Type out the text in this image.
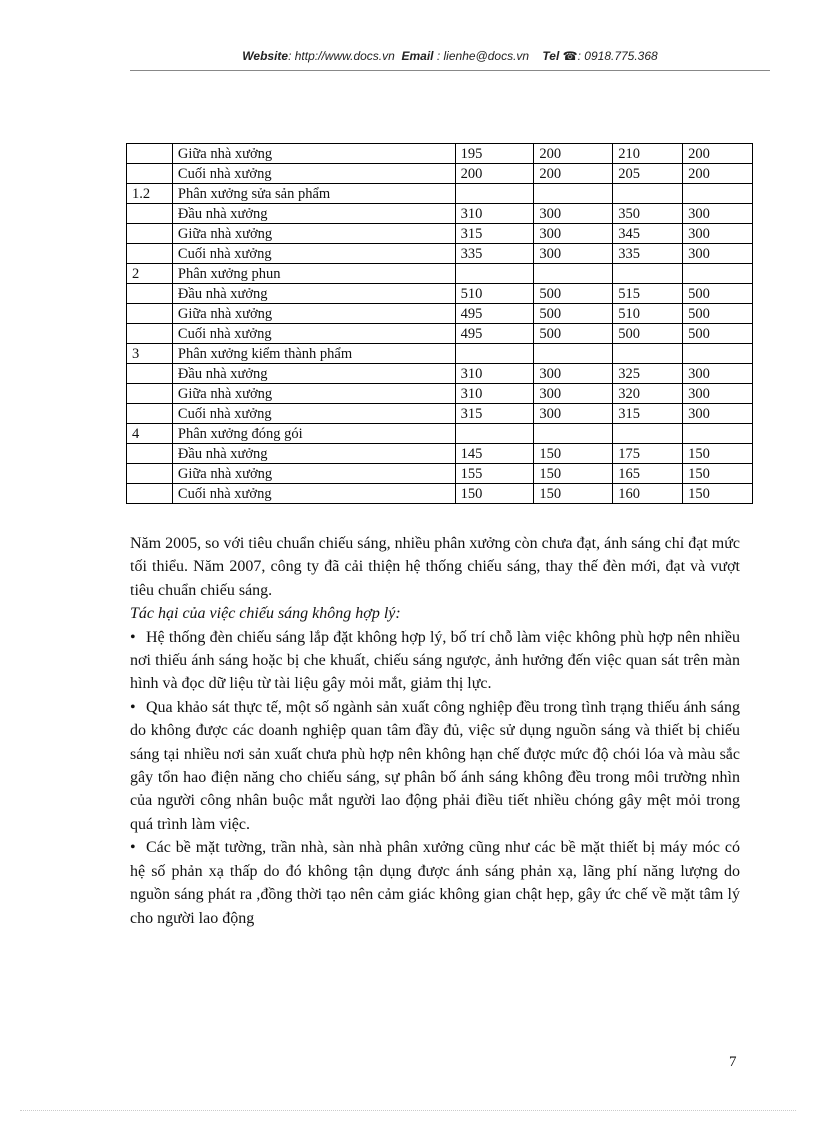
Website: http://www.docs.vn Email : lienhe@docs.vn Tel ☎: 0918.775.368
	Giữa nhà xưởng	195	200	210	200
	Cuối nhà xưởng	200	200	205	200
1.2	Phân xưởng sửa sản phẩm				
	Đầu nhà xưởng	310	300	350	300
	Giữa nhà xưởng	315	300	345	300
	Cuối nhà xưởng	335	300	335	300
2	Phân xưởng phun				
	Đầu nhà xưởng	510	500	515	500
	Giữa nhà xưởng	495	500	510	500
	Cuối nhà xưởng	495	500	500	500
3	Phân xưởng kiểm thành phẩm				
	Đầu nhà xưởng	310	300	325	300
	Giữa nhà xưởng	310	300	320	300
	Cuối nhà xưởng	315	300	315	300
4	Phân xưởng đóng gói				
	Đầu nhà xưởng	145	150	175	150
	Giữa nhà xưởng	155	150	165	150
	Cuối nhà xưởng	150	150	160	150

Năm 2005, so với tiêu chuẩn chiếu sáng, nhiều phân xưởng còn chưa đạt, ánh sáng chỉ đạt mức tối thiểu. Năm 2007, công ty đã cải thiện hệ thống chiếu sáng, thay thế đèn mới, đạt và vượt tiêu chuẩn chiếu sáng.

Tác hại của việc chiếu sáng không hợp lý:

• Hệ thống đèn chiếu sáng lắp đặt không hợp lý, bố trí chỗ làm việc không phù hợp nên nhiều nơi thiếu ánh sáng hoặc bị che khuất, chiếu sáng ngược, ảnh hưởng đến việc quan sát trên màn hình và đọc dữ liệu từ tài liệu gây mỏi mắt, giảm thị lực.

• Qua khảo sát thực tế, một số ngành sản xuất công nghiệp đều trong tình trạng thiếu ánh sáng do không được các doanh nghiệp quan tâm đầy đủ, việc sử dụng nguồn sáng và thiết bị chiếu sáng tại nhiều nơi sản xuất chưa phù hợp nên không hạn chế được mức độ chói lóa và màu sắc gây tổn hao điện năng cho chiếu sáng, sự phân bố ánh sáng không đều trong môi trường nhìn của người công nhân buộc mắt người lao động phải điều tiết nhiều chóng gây mệt mỏi trong quá trình làm việc.

• Các bề mặt tường, trần nhà, sàn nhà phân xưởng cũng như các bề mặt thiết bị máy móc có hệ số phản xạ thấp do đó không tận dụng được ánh sáng phản xạ, lãng phí năng lượng do nguồn sáng phát ra ,đồng thời tạo nên cảm giác không gian chật hẹp, gây ức chế về mặt tâm lý cho người lao động

7
